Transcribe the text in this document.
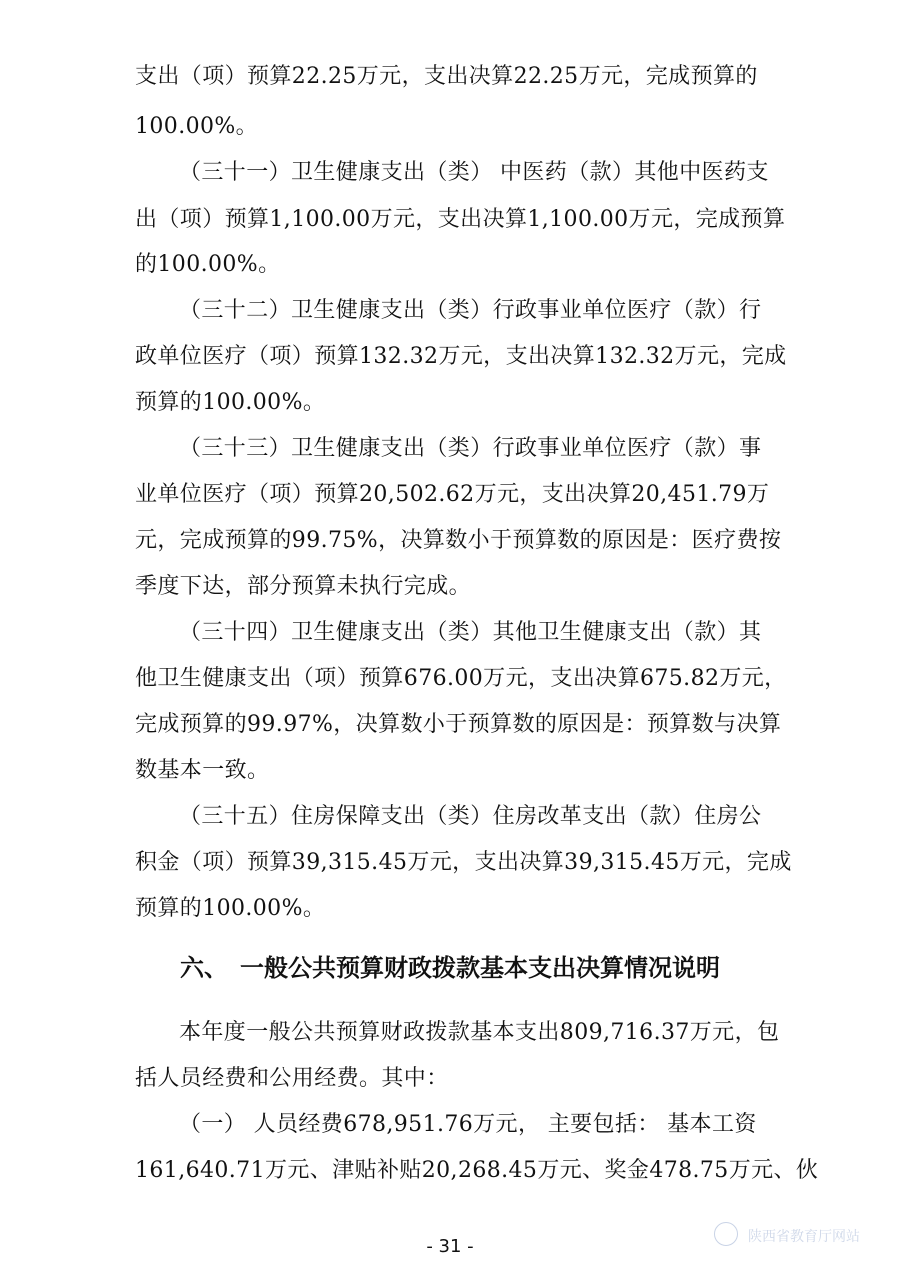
支出（项）预算22.25万元，支出决算22.25万元，完成预算的
100.00%。
（三十一）卫生健康支出（类） 中医药（款）其他中医药支
出（项）预算1,100.00万元，支出决算1,100.00万元，完成预算
的100.00%。
（三十二）卫生健康支出（类）行政事业单位医疗（款）行
政单位医疗（项）预算132.32万元，支出决算132.32万元，完成
预算的100.00%。
（三十三）卫生健康支出（类）行政事业单位医疗（款）事
业单位医疗（项）预算20,502.62万元，支出决算20,451.79万
元，完成预算的99.75%，决算数小于预算数的原因是：医疗费按
季度下达，部分预算未执行完成。
（三十四）卫生健康支出（类）其他卫生健康支出（款）其
他卫生健康支出（项）预算676.00万元，支出决算675.82万元，
完成预算的99.97%，决算数小于预算数的原因是：预算数与决算
数基本一致。
（三十五）住房保障支出（类）住房改革支出（款）住房公
积金（项）预算39,315.45万元，支出决算39,315.45万元，完成
预算的100.00%。
六、　一般公共预算财政拨款基本支出决算情况说明
本年度一般公共预算财政拨款基本支出809,716.37万元，包
括人员经费和公用经费。其中：
（一） 人员经费678,951.76万元， 主要包括： 基本工资
161,640.71万元、津贴补贴20,268.45万元、奖金478.75万元、伙
- 31 -	陕西省教育厅网站
